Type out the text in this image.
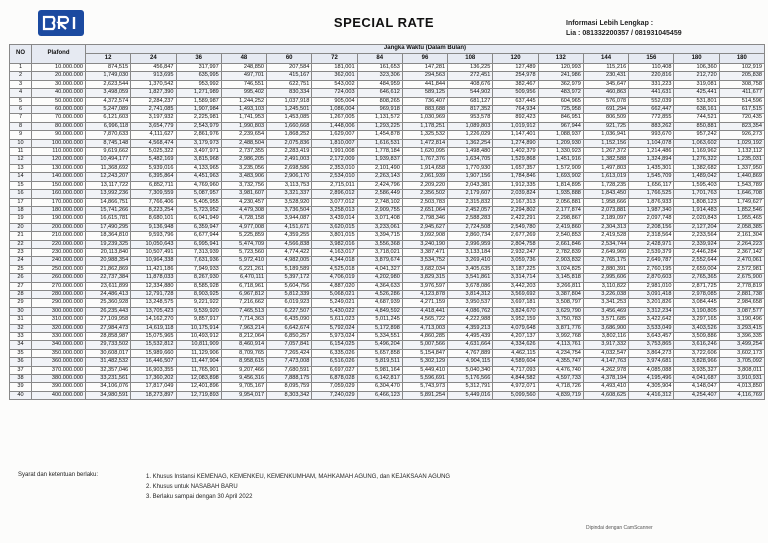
SPECIAL RATE	Informasi Lebih Lengkap :
Lia : 081332200357 / 081931045459
NO	Plafond	Jangka Waktu (Dalam Bulan)														
		12	24	36	48	60	72	84	96	108	120	132	144	156	180	180
1	10.000.000	874,515	456,847	317,997	248,850	207,584	181,001	161,653	147,281	136,225	127,489	120,993	115,216	110,408	106,360	102,919
2	20.000.000	1,749,030	913,695	635,995	497,701	415,167	362,001	323,306	294,563	272,451	254,978	241,986	230,431	220,816	212,720	205,838
3	30.000.000	2,623,544	1,370,542	953,992	746,551	622,751	543,002	484,959	441,844	408,676	382,467	362,979	345,647	331,223	319,081	308,758
4	40.000.000	3,498,059	1,827,390	1,271,989	995,402	830,334	724,003	646,612	589,125	544,902	509,956	483,972	460,863	441,631	425,441	411,677
5	50.000.000	4,372,574	2,284,237	1,589,987	1,244,252	1,037,918	905,004	808,265	736,407	681,127	637,445	604,965	576,078	552,039	531,801	514,596
6	60.000.000	5,247,089	2,741,085	1,907,984	1,493,103	1,245,501	1,086,004	969,918	883,688	817,352	764,934	725,958	691,294	662,447	638,161	617,515
7	70.000.000	6,121,603	3,197,932	2,225,981	1,741,953	1,453,085	1,267,005	1,131,572	1,030,969	953,578	892,423	846,951	806,509	772,855	744,521	720,435
8	80.000.000	6,996,118	3,654,779	2,543,979	1,990,803	1,660,668	1,448,006	1,293,225	1,178,251	1,089,803	1,019,912	967,944	921,725	883,262	850,881	823,354
9	90.000.000	7,870,633	4,111,627	2,861,976	2,239,654	1,868,252	1,629,007	1,454,878	1,325,532	1,226,029	1,147,401	1,088,937	1,036,941	993,670	957,242	926,273
10	100.000.000	8,745,148	4,568,474	3,179,973	2,488,504	2,075,836	1,810,007	1,616,531	1,472,814	1,362,254	1,274,890	1,209,930	1,152,156	1,104,078	1,063,602	1,029,192
11	110.000.000	9,619,662	5,025,322	3,497,971	2,737,355	2,283,419	1,991,008	1,778,184	1,620,095	1,498,480	1,402,379	1,330,923	1,267,372	1,214,486	1,169,962	1,132,112
12	120.000.000	10,494,177	5,482,169	3,815,968	2,986,205	2,491,003	2,172,009	1,939,837	1,767,376	1,634,705	1,529,868	1,451,916	1,382,588	1,324,894	1,276,322	1,235,031
13	130.000.000	11,368,692	5,939,016	4,133,965	3,235,056	2,698,586	2,353,010	2,101,490	1,914,658	1,770,930	1,657,357	1,572,909	1,497,803	1,435,301	1,382,682	1,337,950
14	140.000.000	12,243,207	6,395,864	4,451,963	3,483,906	2,906,170	2,534,010	2,263,143	2,061,939	1,907,156	1,784,846	1,693,902	1,613,019	1,545,709	1,489,042	1,440,869
15	150.000.000	13,117,722	6,852,711	4,769,960	3,732,756	3,113,753	2,715,011	2,424,796	2,209,220	2,043,381	1,912,335	1,814,895	1,728,235	1,656,117	1,595,403	1,543,789
16	160.000.000	13,992,236	7,309,559	5,087,957	3,981,607	3,321,337	2,896,012	2,586,449	2,356,502	2,179,607	2,039,824	1,935,888	1,843,450	1,766,525	1,701,763	1,646,708
17	170.000.000	14,866,751	7,766,406	5,405,955	4,230,457	3,528,920	3,077,012	2,748,102	2,503,783	2,315,832	2,167,313	2,056,881	1,958,666	1,876,933	1,808,123	1,749,627
18	180.000.000	15,741,266	8,223,254	5,723,952	4,479,308	3,736,504	3,258,013	2,909,755	2,651,064	2,452,057	2,294,802	2,177,874	2,073,881	1,987,340	1,914,483	1,852,546
19	190.000.000	16,615,781	8,680,101	6,041,949	4,728,158	3,944,087	3,439,014	3,071,408	2,798,346	2,588,283	2,422,291	2,298,867	2,189,097	2,097,748	2,020,843	1,955,465
20	200.000.000	17,490,295	9,136,948	6,359,947	4,977,008	4,151,671	3,620,015	3,233,061	2,945,627	2,724,508	2,549,780	2,419,860	2,304,313	2,208,156	2,127,204	2,058,385
21	210.000.000	18,364,810	9,593,796	6,677,944	5,225,859	4,359,255	3,801,015	3,394,715	3,092,908	2,860,734	2,677,269	2,540,853	2,419,528	2,318,564	2,233,564	2,161,304
22	220.000.000	19,239,325	10,050,643	6,995,941	5,474,709	4,566,838	3,982,016	3,556,368	3,240,190	2,996,959	2,804,758	2,661,846	2,534,744	2,428,971	2,339,924	2,264,223
23	230.000.000	20,113,840	10,507,491	7,313,939	5,723,560	4,774,422	4,163,017	3,718,021	3,387,471	3,133,184	2,932,247	2,782,839	2,649,960	2,539,379	2,446,284	2,367,142
24	240.000.000	20,988,354	10,964,338	7,631,936	5,972,410	4,982,005	4,344,018	3,879,674	3,534,752	3,269,410	3,059,736	2,903,832	2,765,175	2,649,787	2,552,644	2,470,061
25	250.000.000	21,862,869	11,421,186	7,949,933	6,221,261	5,189,589	4,525,018	4,041,327	3,682,034	3,405,635	3,187,225	3,024,825	2,880,391	2,760,195	2,659,004	2,572,981
26	260.000.000	22,737,384	11,878,033	8,267,930	6,470,111	5,397,172	4,706,019	4,202,980	3,829,315	3,541,861	3,314,714	3,145,818	2,995,606	2,870,603	2,765,365	2,675,900
27	270.000.000	23,611,899	12,334,880	8,585,928	6,718,961	5,604,756	4,887,020	4,364,633	3,976,597	3,678,086	3,442,203	3,266,811	3,110,822	2,981,010	2,871,725	2,778,819
28	280.000.000	24,486,413	12,791,728	8,903,925	6,967,812	5,812,339	5,068,021	4,526,286	4,123,878	3,814,312	3,569,692	3,387,804	3,226,038	3,091,418	2,978,085	2,881,738
29	290.000.000	25,360,928	13,248,575	9,221,922	7,216,662	6,019,923	5,249,021	4,687,939	4,271,159	3,950,537	3,697,181	3,508,797	3,341,253	3,201,826	3,084,445	2,984,658
30	300.000.000	26,235,443	13,705,423	9,539,920	7,465,513	6,227,507	5,430,022	4,849,592	4,418,441	4,086,762	3,824,670	3,629,790	3,456,469	3,312,234	3,190,805	3,087,577
31	310.000.000	27,109,958	14,162,270	9,857,917	7,714,363	6,435,090	5,611,023	5,011,245	4,565,722	4,222,988	3,952,159	3,750,783	3,571,685	3,422,642	3,297,165	3,190,496
32	320.000.000	27,984,473	14,619,118	10,175,914	7,963,214	6,642,674	5,792,024	5,172,898	4,713,003	4,359,213	4,079,648	3,871,776	3,686,900	3,533,049	3,403,526	3,293,415
33	330.000.000	28,858,987	15,075,965	10,493,912	8,212,064	6,850,257	5,973,024	5,334,551	4,860,285	4,495,439	4,207,137	3,992,768	3,802,116	3,643,457	3,509,886	3,396,335
34	340.000.000	29,733,502	15,532,812	10,811,909	8,460,914	7,057,841	6,154,025	5,496,204	5,007,566	4,631,664	4,334,626	4,113,761	3,917,332	3,753,865	3,616,246	3,499,254
35	350.000.000	30,608,017	15,989,660	11,129,906	8,709,765	7,265,424	6,335,026	5,657,858	5,154,847	4,767,889	4,462,115	4,234,754	4,032,547	3,864,273	3,722,606	3,602,173
36	360.000.000	31,482,532	16,446,507	11,447,904	8,958,615	7,473,008	6,516,026	5,819,511	5,302,129	4,904,115	4,589,604	4,355,747	4,147,763	3,974,681	3,828,966	3,705,092
37	370.000.000	32,357,046	16,903,355	11,765,901	9,207,466	7,680,591	6,697,027	5,981,164	5,449,410	5,040,340	4,717,093	4,476,740	4,262,978	4,085,088	3,935,327	3,808,011
38	380.000.000	33,231,561	17,360,202	12,083,898	9,456,316	7,888,175	6,878,028	6,142,817	5,596,691	5,176,566	4,844,582	4,597,733	4,378,194	4,195,496	4,041,687	3,910,931
39	390.000.000	34,106,076	17,817,049	12,401,896	9,705,167	8,095,759	7,059,029	6,304,470	5,743,973	5,312,791	4,972,071	4,718,726	4,493,410	4,305,904	4,148,047	4,013,850
40	400.000.000	34,980,591	18,273,897	12,719,893	9,954,017	8,303,342	7,240,029	6,466,123	5,891,254	5,449,016	5,099,560	4,839,719	4,608,625	4,416,312	4,254,407	4,116,769
Syarat dan ketentuan berlaku:	1. Khusus Instansi KEMENAG, KEMENKEU, KEMENKUMHAM, MAHKAMAH AGUNG, dan KEJAKSAAN AGUNG
2. Khusus untuk NASABAH BARU
3. Berlaku sampai dengan 30 April 2022
Dipindai dengan CamScanner
